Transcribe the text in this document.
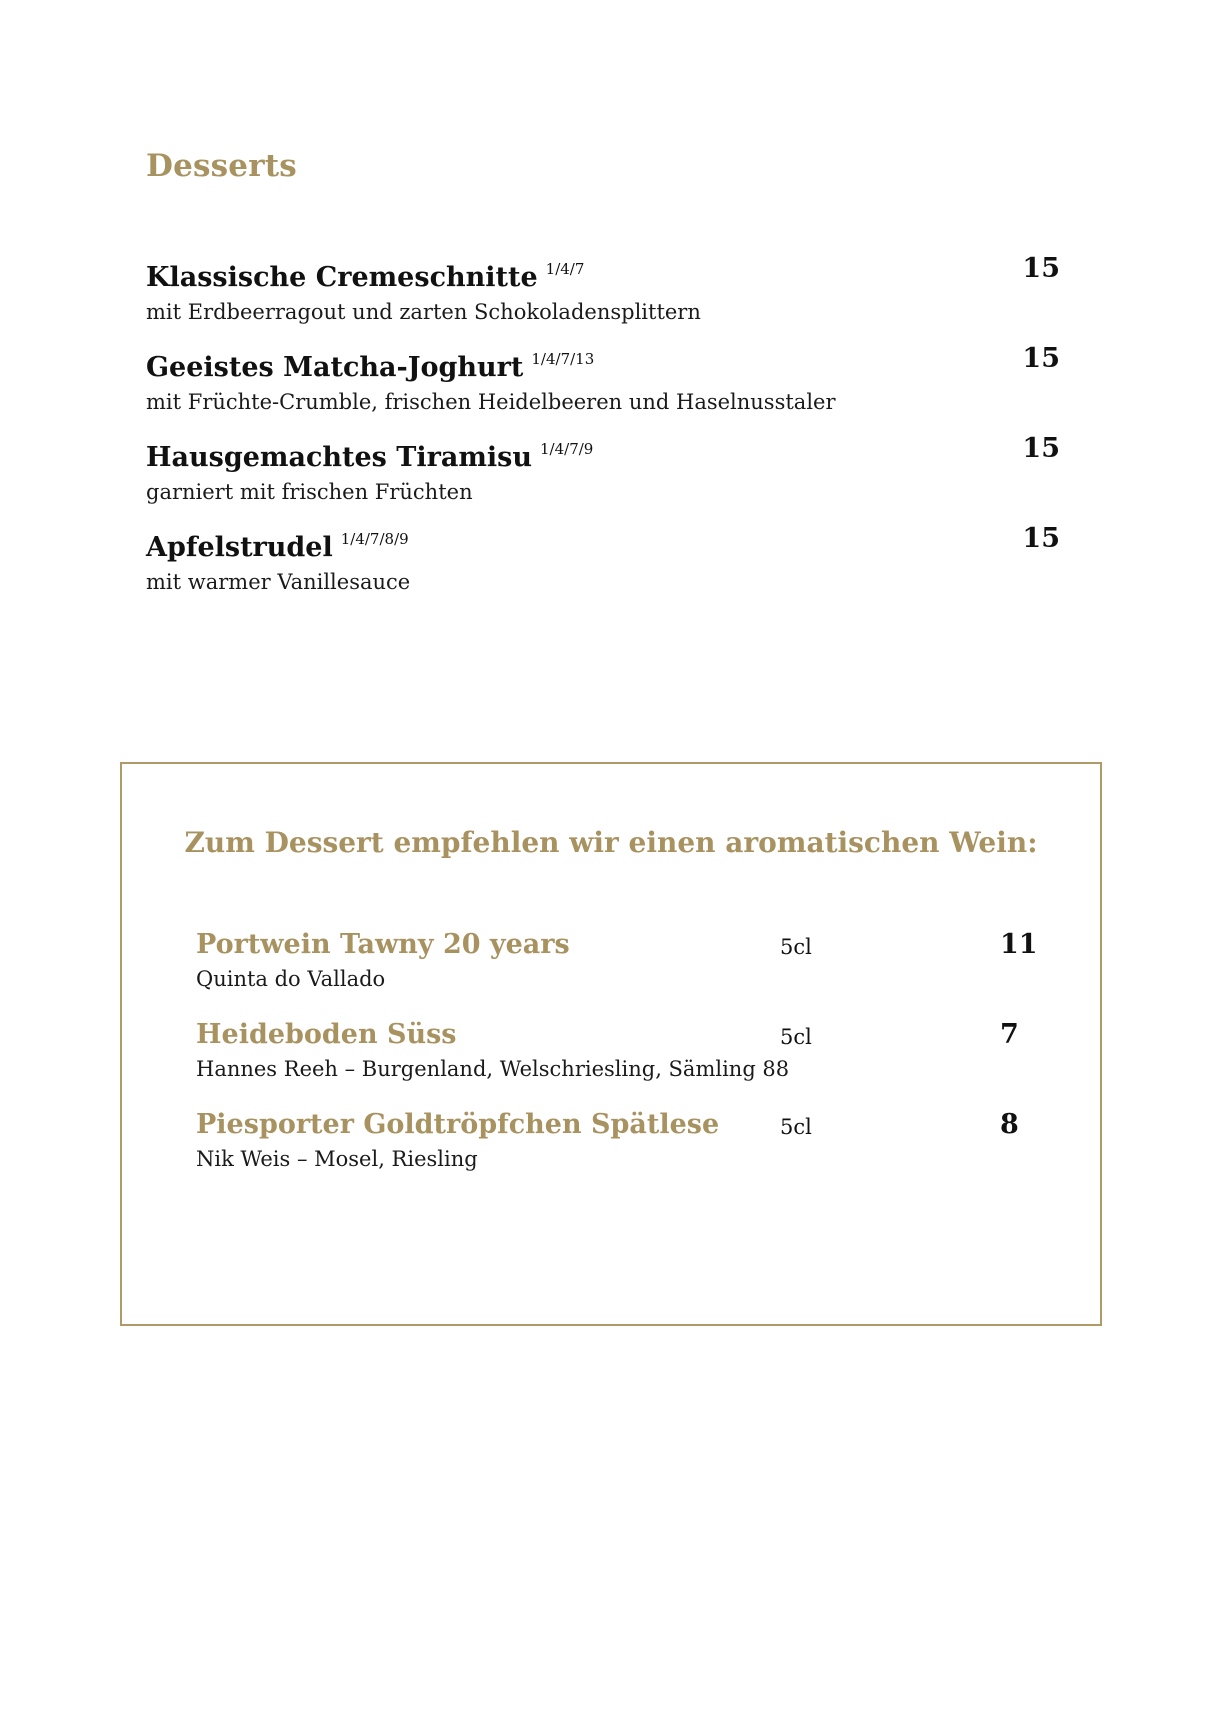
Desserts
Klassische Cremeschnitte $^{1/4/7}$
mit Erdbeerragout und zarten Schokoladensplittern
15
Geeistes Matcha-Joghurt $^{1/4/7/13}$
mit Früchte-Crumble, frischen Heidelbeeren und Haselnusstaler
15
Hausgemachtes Tiramisu $^{1/4/7/9}$
garniert mit frischen Früchten
15
Apfelstrudel $^{1/4/7/8/9}$
mit warmer Vanillesauce
15
Zum Dessert empfehlen wir einen aromatischen Wein:
Portwein Tawny 20 years
Quinta do Vallado
5cl	11
Heideboden Süss
Hannes Reeh – Burgenland, Welschriesling, Sämling 88
5cl	7
Piesporter Goldtröpfchen Spätlese
Nik Weis – Mosel, Riesling
5cl	8
